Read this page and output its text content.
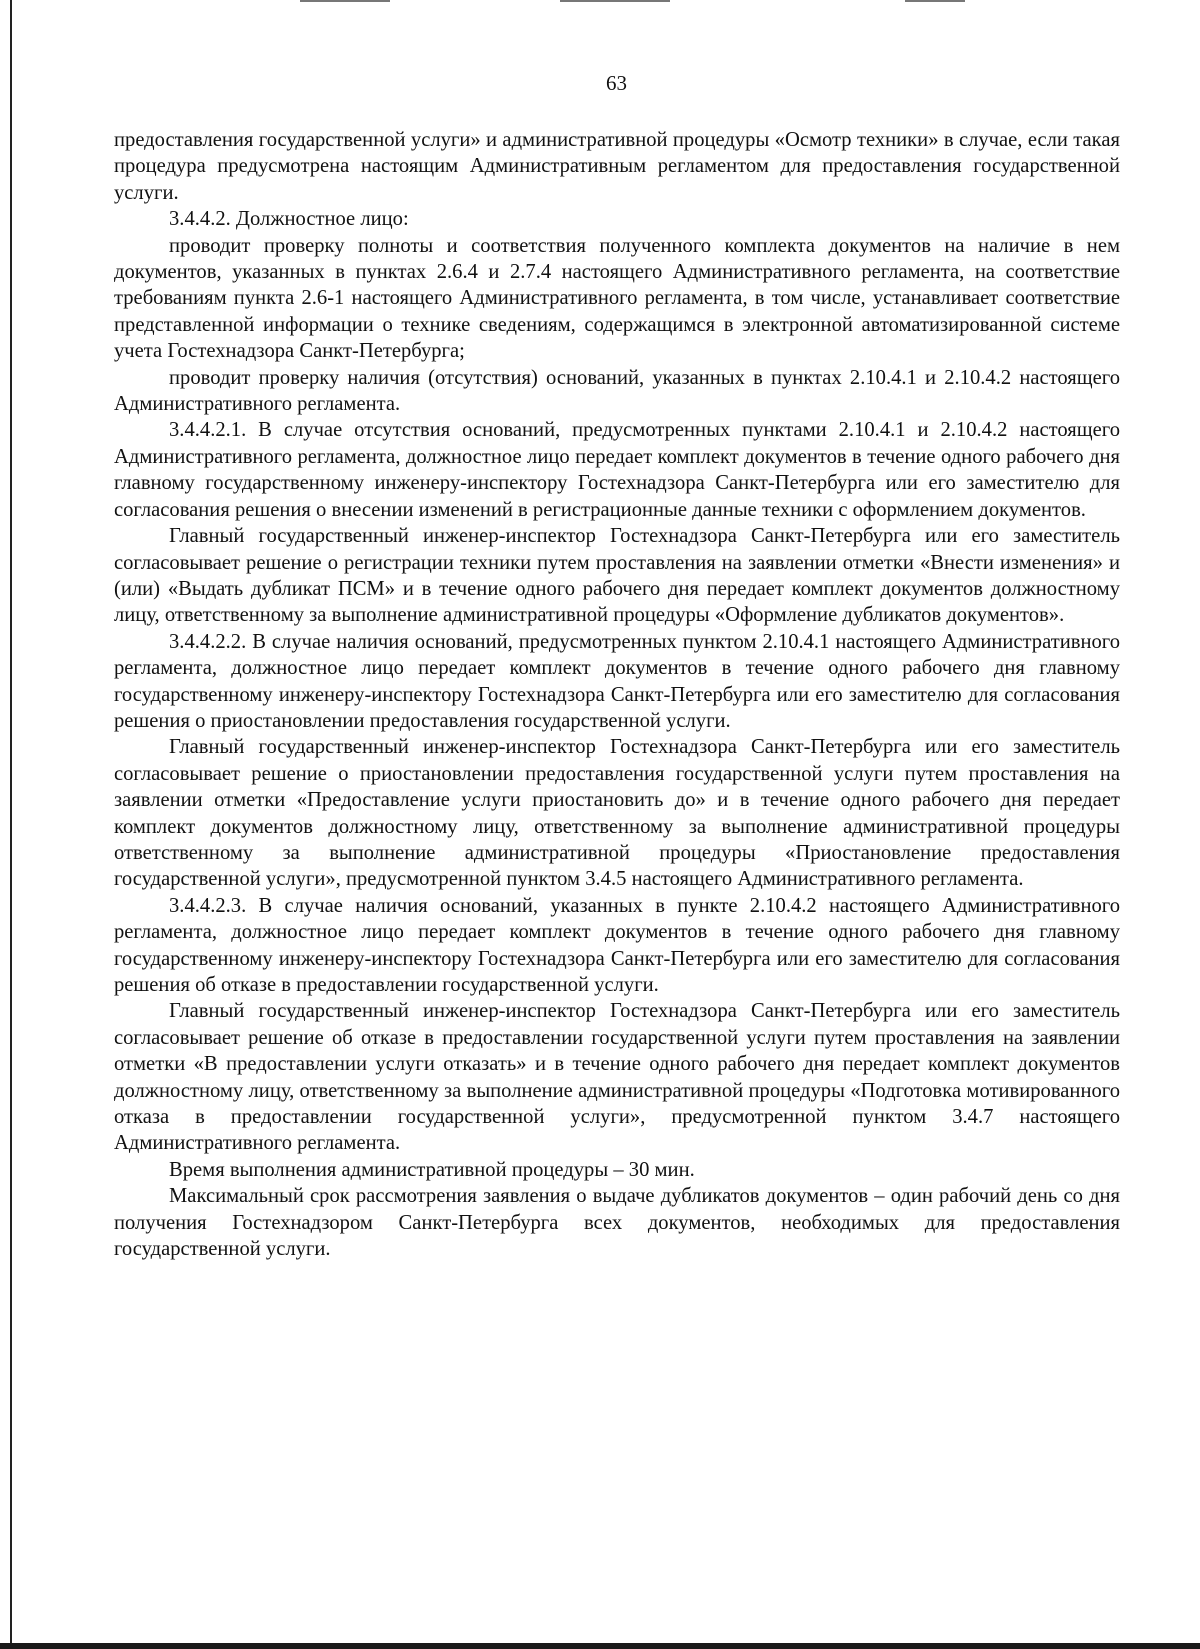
63

предоставления государственной услуги» и административной процедуры «Осмотр техники» в случае, если такая процедура предусмотрена настоящим Административным регламентом для предоставления государственной услуги.

3.4.4.2. Должностное лицо:

проводит проверку полноты и соответствия полученного комплекта документов на наличие в нем документов, указанных в пунктах 2.6.4 и 2.7.4 настоящего Административного регламента, на соответствие требованиям пункта 2.6-1 настоящего Административного регламента, в том числе, устанавливает соответствие представленной информации о технике сведениям, содержащимся в электронной автоматизированной системе учета Гостехнадзора Санкт-Петербурга;

проводит проверку наличия (отсутствия) оснований, указанных в пунктах 2.10.4.1 и 2.10.4.2 настоящего Административного регламента.

3.4.4.2.1. В случае отсутствия оснований, предусмотренных пунктами 2.10.4.1 и 2.10.4.2 настоящего Административного регламента, должностное лицо передает комплект документов в течение одного рабочего дня главному государственному инженеру-инспектору Гостехнадзора Санкт-Петербурга или его заместителю для согласования решения о внесении изменений в регистрационные данные техники с оформлением документов.

Главный государственный инженер-инспектор Гостехнадзора Санкт-Петербурга или его заместитель согласовывает решение о регистрации техники путем проставления на заявлении отметки «Внести изменения» и (или) «Выдать дубликат ПСМ» и в течение одного рабочего дня передает комплект документов должностному лицу, ответственному за выполнение административной процедуры «Оформление дубликатов документов».

3.4.4.2.2. В случае наличия оснований, предусмотренных пунктом 2.10.4.1 настоящего Административного регламента, должностное лицо передает комплект документов в течение одного рабочего дня главному государственному инженеру-инспектору Гостехнадзора Санкт-Петербурга или его заместителю для согласования решения о приостановлении предоставления государственной услуги.

Главный государственный инженер-инспектор Гостехнадзора Санкт-Петербурга или его заместитель согласовывает решение о приостановлении предоставления государственной услуги путем проставления на заявлении отметки «Предоставление услуги приостановить до» и в течение одного рабочего дня передает комплект документов должностному лицу, ответственному за выполнение административной процедуры ответственному за выполнение административной процедуры «Приостановление предоставления государственной услуги», предусмотренной пунктом 3.4.5 настоящего Административного регламента.

3.4.4.2.3. В случае наличия оснований, указанных в пункте 2.10.4.2 настоящего Административного регламента, должностное лицо передает комплект документов в течение одного рабочего дня главному государственному инженеру-инспектору Гостехнадзора Санкт-Петербурга или его заместителю для согласования решения об отказе в предоставлении государственной услуги.

Главный государственный инженер-инспектор Гостехнадзора Санкт-Петербурга или его заместитель согласовывает решение об отказе в предоставлении государственной услуги путем проставления на заявлении отметки «В предоставлении услуги отказать» и в течение одного рабочего дня передает комплект документов должностному лицу, ответственному за выполнение административной процедуры «Подготовка мотивированного отказа в предоставлении государственной услуги», предусмотренной пунктом 3.4.7 настоящего Административного регламента.

Время выполнения административной процедуры – 30 мин.

Максимальный срок рассмотрения заявления о выдаче дубликатов документов – один рабочий день со дня получения Гостехнадзором Санкт-Петербурга всех документов, необходимых для предоставления государственной услуги.
